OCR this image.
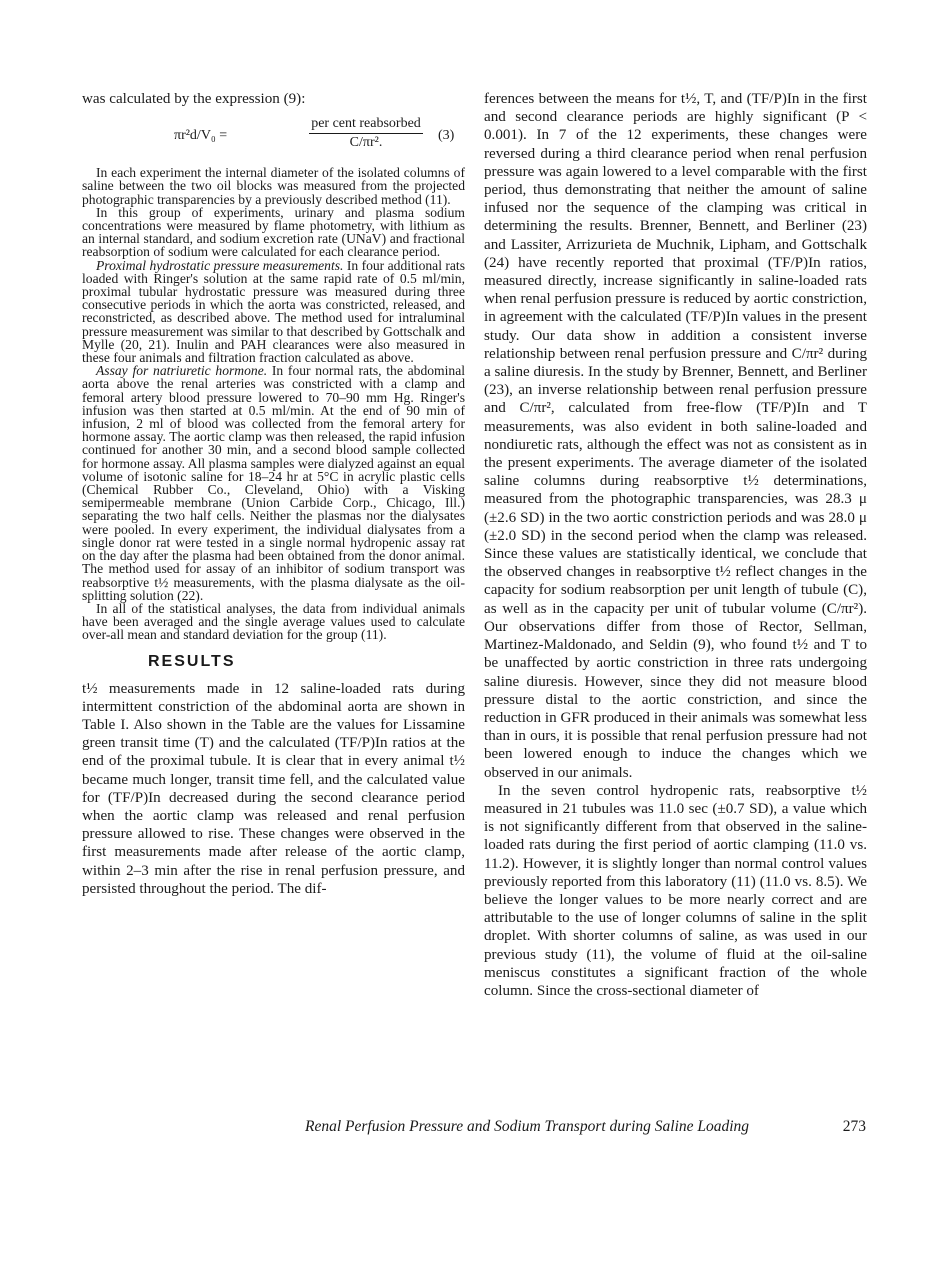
was calculated by the expression (9):

πr²d/V₀ =
per cent reabsorbed
C/πr².	(3)

In each experiment the internal diameter of the isolated columns of saline between the two oil blocks was measured from the projected photographic transparencies by a previously described method (11).

In this group of experiments, urinary and plasma sodium concentrations were measured by flame photometry, with lithium as an internal standard, and sodium excretion rate (UNaV) and fractional reabsorption of sodium were calculated for each clearance period.

Proximal hydrostatic pressure measurements. In four additional rats loaded with Ringer's solution at the same rapid rate of 0.5 ml/min, proximal tubular hydrostatic pressure was measured during three consecutive periods in which the aorta was constricted, released, and reconstricted, as described above. The method used for intraluminal pressure measurement was similar to that described by Gottschalk and Mylle (20, 21). Inulin and PAH clearances were also measured in these four animals and filtration fraction calculated as above.

Assay for natriuretic hormone. In four normal rats, the abdominal aorta above the renal arteries was constricted with a clamp and femoral artery blood pressure lowered to 70–90 mm Hg. Ringer's infusion was then started at 0.5 ml/min. At the end of 90 min of infusion, 2 ml of blood was collected from the femoral artery for hormone assay. The aortic clamp was then released, the rapid infusion continued for another 30 min, and a second blood sample collected for hormone assay. All plasma samples were dialyzed against an equal volume of isotonic saline for 18–24 hr at 5°C in acrylic plastic cells (Chemical Rubber Co., Cleveland, Ohio) with a Visking semipermeable membrane (Union Carbide Corp., Chicago, Ill.) separating the two half cells. Neither the plasmas nor the dialysates were pooled. In every experiment, the individual dialysates from a single donor rat were tested in a single normal hydropenic assay rat on the day after the plasma had been obtained from the donor animal. The method used for assay of an inhibitor of sodium transport was reabsorptive t½ measurements, with the plasma dialysate as the oil-splitting solution (22).

In all of the statistical analyses, the data from individual animals have been averaged and the single average values used to calculate over-all mean and standard deviation for the group (11).

RESULTS

t½ measurements made in 12 saline-loaded rats during intermittent constriction of the abdominal aorta are shown in Table I. Also shown in the Table are the values for Lissamine green transit time (T) and the calculated (TF/P)In ratios at the end of the proximal tubule. It is clear that in every animal t½ became much longer, transit time fell, and the calculated value for (TF/P)In decreased during the second clearance period when the aortic clamp was released and renal perfusion pressure allowed to rise. These changes were observed in the first measurements made after release of the aortic clamp, within 2–3 min after the rise in renal perfusion pressure, and persisted throughout the period. The dif-

ferences between the means for t½, T, and (TF/P)In in the first and second clearance periods are highly significant (P < 0.001). In 7 of the 12 experiments, these changes were reversed during a third clearance period when renal perfusion pressure was again lowered to a level comparable with the first period, thus demonstrating that neither the amount of saline infused nor the sequence of the clamping was critical in determining the results. Brenner, Bennett, and Berliner (23) and Lassiter, Arrizurieta de Muchnik, Lipham, and Gottschalk (24) have recently reported that proximal (TF/P)In ratios, measured directly, increase significantly in saline-loaded rats when renal perfusion pressure is reduced by aortic constriction, in agreement with the calculated (TF/P)In values in the present study. Our data show in addition a consistent inverse relationship between renal perfusion pressure and C/πr² during a saline diuresis. In the study by Brenner, Bennett, and Berliner (23), an inverse relationship between renal perfusion pressure and C/πr², calculated from free-flow (TF/P)In and T measurements, was also evident in both saline-loaded and nondiuretic rats, although the effect was not as consistent as in the present experiments. The average diameter of the isolated saline columns during reabsorptive t½ determinations, measured from the photographic transparencies, was 28.3 μ (±2.6 SD) in the two aortic constriction periods and was 28.0 μ (±2.0 SD) in the second period when the clamp was released. Since these values are statistically identical, we conclude that the observed changes in reabsorptive t½ reflect changes in the capacity for sodium reabsorption per unit length of tubule (C), as well as in the capacity per unit of tubular volume (C/πr²). Our observations differ from those of Rector, Sellman, Martinez-Maldonado, and Seldin (9), who found t½ and T to be unaffected by aortic constriction in three rats undergoing saline diuresis. However, since they did not measure blood pressure distal to the aortic constriction, and since the reduction in GFR produced in their animals was somewhat less than in ours, it is possible that renal perfusion pressure had not been lowered enough to induce the changes which we observed in our animals.

In the seven control hydropenic rats, reabsorptive t½ measured in 21 tubules was 11.0 sec (±0.7 SD), a value which is not significantly different from that observed in the saline-loaded rats during the first period of aortic clamping (11.0 vs. 11.2). However, it is slightly longer than normal control values previously reported from this laboratory (11) (11.0 vs. 8.5). We believe the longer values to be more nearly correct and are attributable to the use of longer columns of saline in the split droplet. With shorter columns of saline, as was used in our previous study (11), the volume of fluid at the oil-saline meniscus constitutes a significant fraction of the whole column. Since the cross-sectional diameter of

Renal Perfusion Pressure and Sodium Transport during Saline Loading	273
